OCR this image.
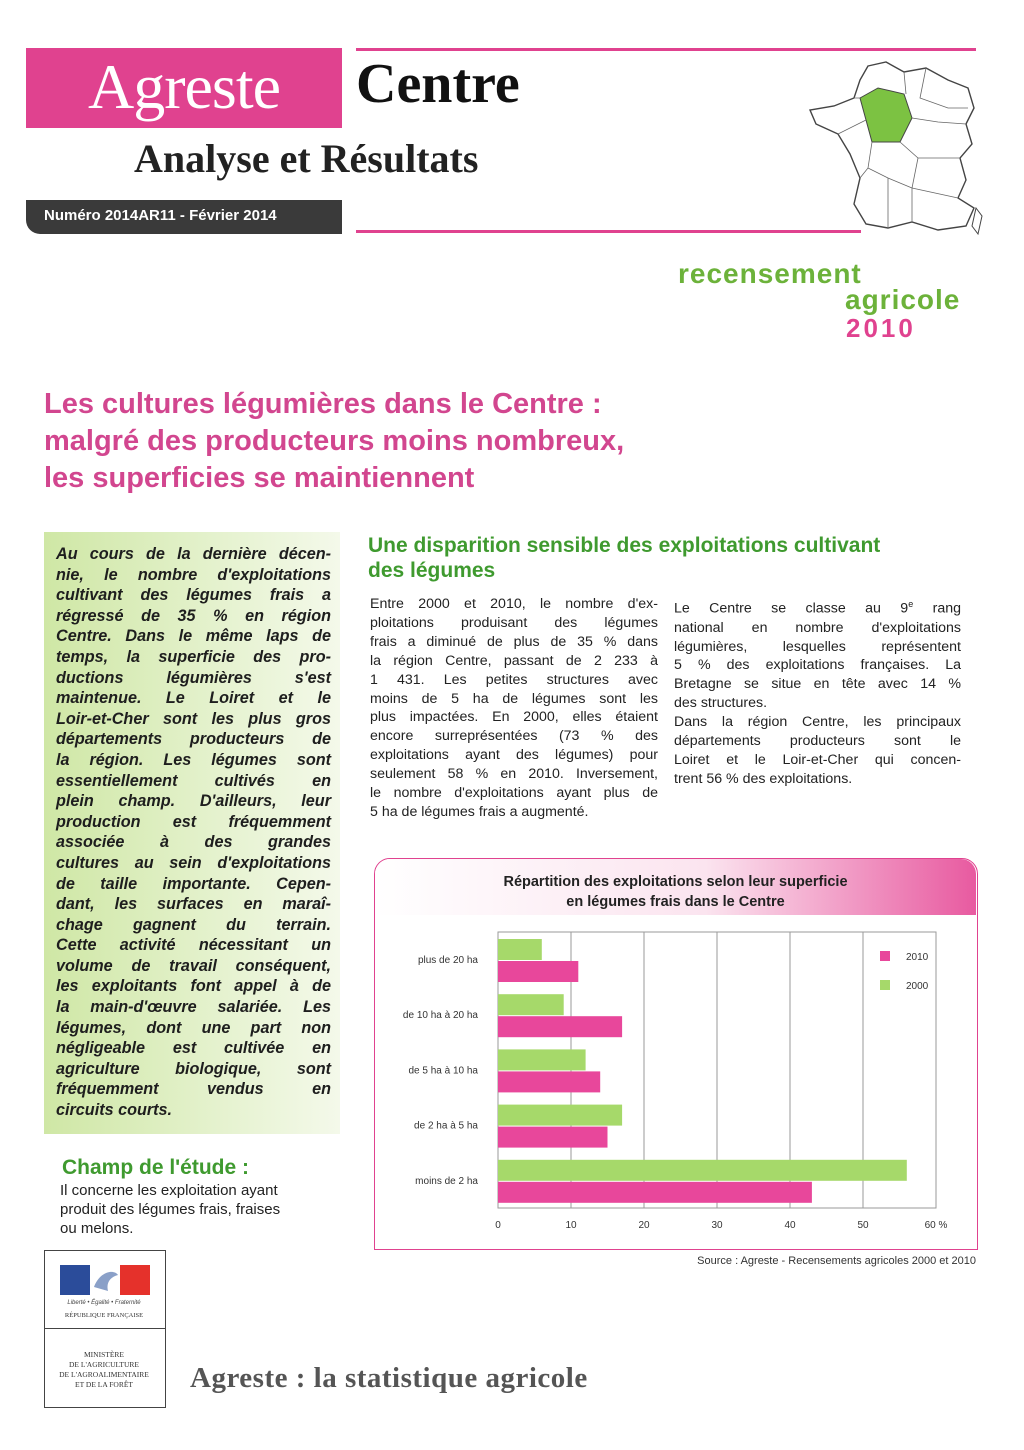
Agreste	Centre
Analyse et Résultats
Numéro 2014AR11 - Février 2014
recensement
agricole
2010
Les cultures légumières dans le Centre :
malgré des producteurs moins nombreux,
les superficies se maintiennent
Au cours de la dernière décen-
nie, le nombre d'exploitations
cultivant des légumes frais a
régressé de 35 % en région
Centre. Dans le même laps de
temps, la superficie des pro-
ductions légumières s'est
maintenue. Le Loiret et le
Loir-et-Cher sont les plus gros
départements producteurs de
la région. Les légumes sont
essentiellement cultivés en
plein champ. D'ailleurs, leur
production est fréquemment
associée à des grandes
cultures au sein d'exploitations
de taille importante. Cepen-
dant, les surfaces en maraî-
chage gagnent du terrain.
Cette activité nécessitant un
volume de travail conséquent,
les exploitants font appel à de
la main-d'œuvre salariée. Les
légumes, dont une part non
négligeable est cultivée en
agriculture biologique, sont
fréquemment vendus en
circuits courts.
Champ de l'étude :
Il concerne les exploitation ayant
produit des légumes frais, fraises
ou melons.
Une disparition sensible des exploitations cultivant
des légumes
Entre 2000 et 2010, le nombre d'ex-
ploitations produisant des légumes
frais a diminué de plus de 35 % dans
la région Centre, passant de 2 233 à
1 431. Les petites structures avec
moins de 5 ha de légumes sont les
plus impactées. En 2000, elles étaient
encore surreprésentées (73 % des
exploitations ayant des légumes) pour
seulement 58 % en 2010. Inversement,
le nombre d'exploitations ayant plus de
5 ha de légumes frais a augmenté.
Le Centre se classe au 9e rang
national en nombre d'exploitations
légumières, lesquelles représentent
5 % des exploitations françaises. La
Bretagne se situe en tête avec 14 %
des structures.
Dans la région Centre, les principaux
départements producteurs sont le
Loiret et le Loir-et-Cher qui concen-
trent 56 % des exploitations.
Répartition des exploitations selon leur superficie
en légumes frais dans le Centre
0	10	20	30	40	50	60 %
plus de 20 ha
de 10 ha à 20 ha
de 5 ha à 10 ha
de 2 ha à 5 ha
moins de 2 ha
2010
2000
Source : Agreste - Recensements agricoles 2000 et 2010
Liberté • Égalité • Fraternité
RÉPUBLIQUE FRANÇAISE
MINISTÈRE
DE L'AGRICULTURE
DE L'AGROALIMENTAIRE
ET DE LA FORÊT	Agreste : la statistique agricole
